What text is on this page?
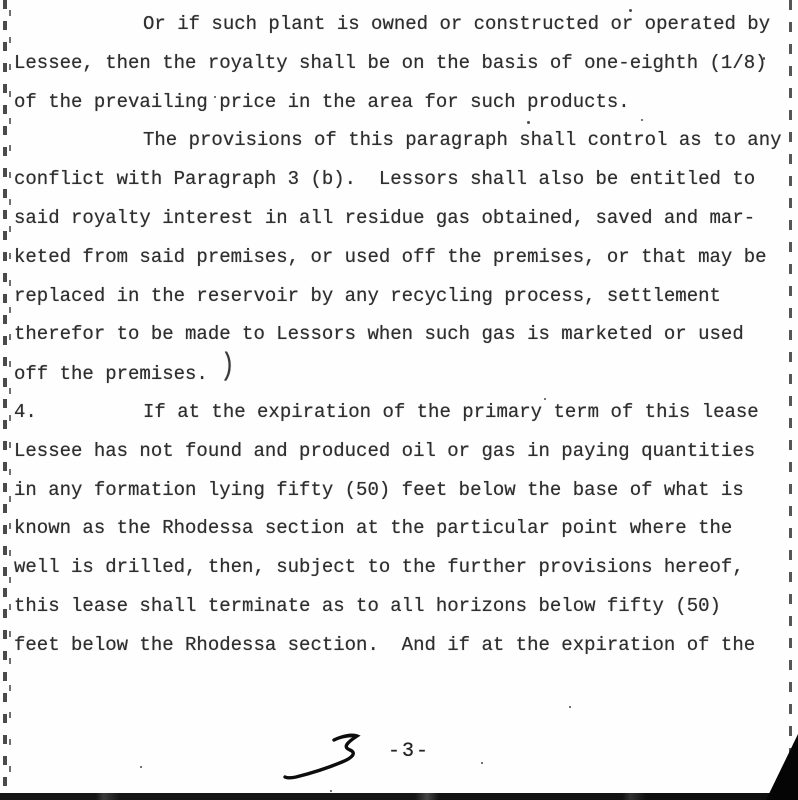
Or if such plant is owned or constructed or operated by
Lessee, then the royalty shall be on the basis of one-eighth (1/8)
of the prevailing price in the area for such products.
The provisions of this paragraph shall control as to any
conflict with Paragraph 3 (b).  Lessors shall also be entitled to
said royalty interest in all residue gas obtained, saved and mar-
keted from said premises, or used off the premises, or that may be
replaced in the reservoir by any recycling process, settlement
therefor to be made to Lessors when such gas is marketed or used
off the premises. )
4.	If at the expiration of the primary term of this lease
Lessee has not found and produced oil or gas in paying quantities
in any formation lying fifty (50) feet below the base of what is
known as the Rhodessa section at the particular point where the
well is drilled, then, subject to the further provisions hereof,
this lease shall terminate as to all horizons below fifty (50)
feet below the Rhodessa section.  And if at the expiration of the
-3-
